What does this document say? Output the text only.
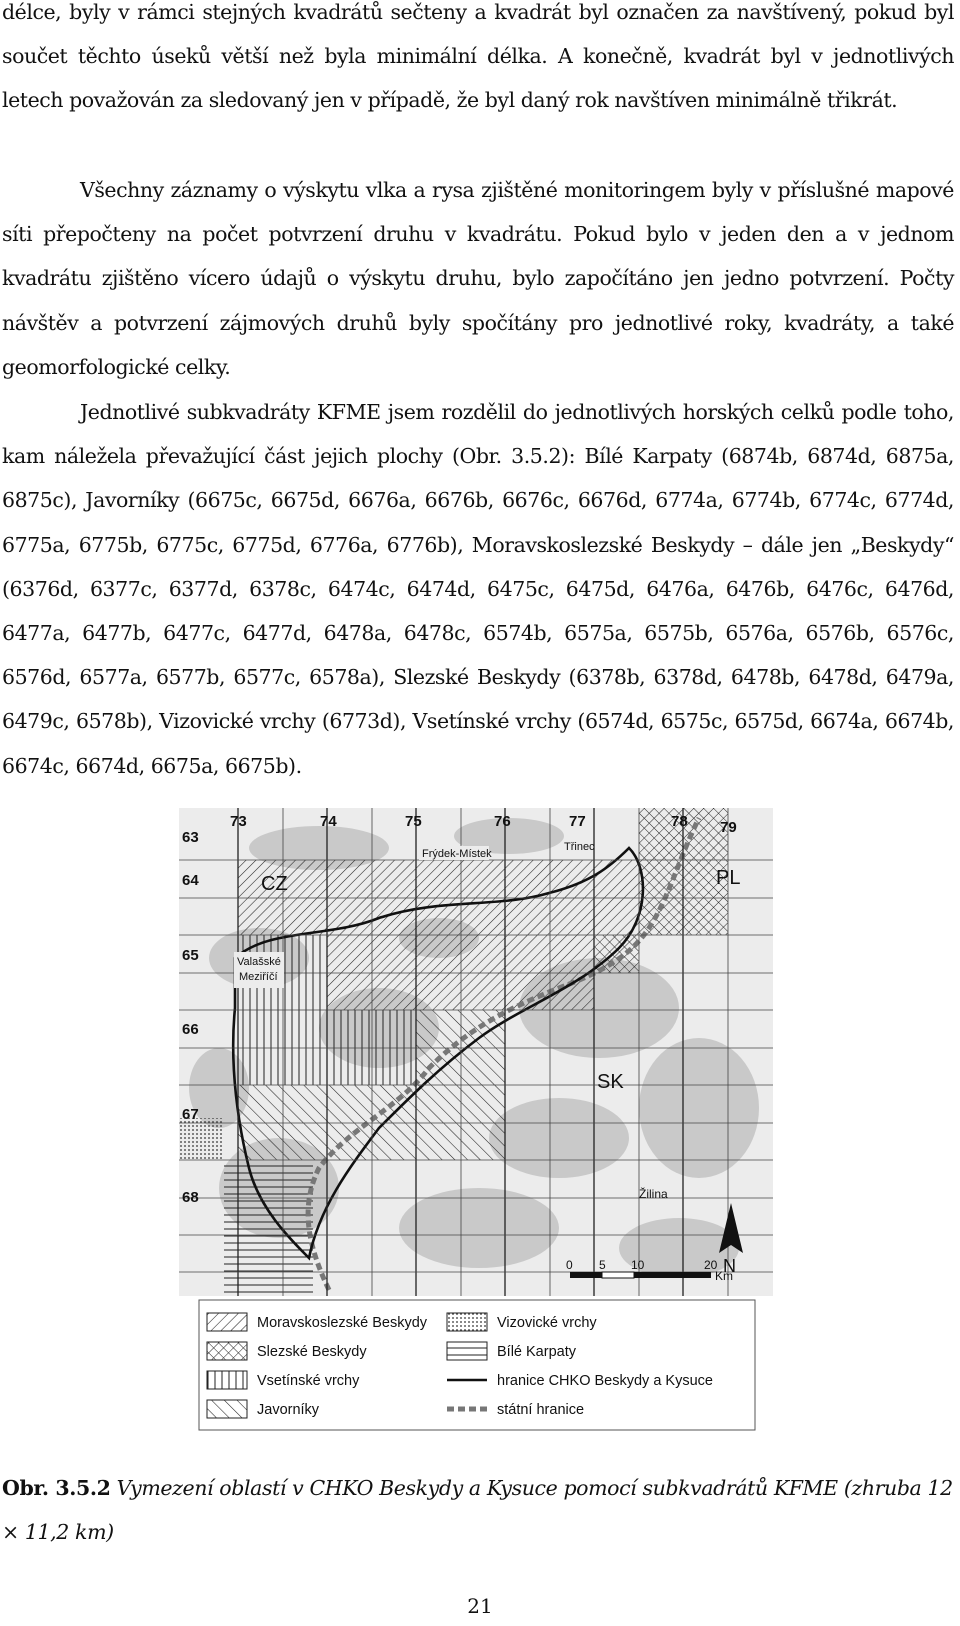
délce, byly v rámci stejných kvadrátů sečteny a kvadrát byl označen za navštívený, pokud byl součet těchto úseků větší než byla minimální délka. A konečně, kvadrát byl v jednotlivých letech považován za sledovaný jen v případě, že byl daný rok navštíven minimálně třikrát.

Všechny záznamy o výskytu vlka a rysa zjištěné monitoringem byly v příslušné mapové síti přepočteny na počet potvrzení druhu v kvadrátu. Pokud bylo v jeden den a v jednom kvadrátu zjištěno vícero údajů o výskytu druhu, bylo započítáno jen jedno potvrzení. Počty návštěv a potvrzení zájmových druhů byly spočítány pro jednotlivé roky, kvadráty, a také geomorfologické celky.

Jednotlivé subkvadráty KFME jsem rozdělil do jednotlivých horských celků podle toho, kam náležela převažující část jejich plochy (Obr. 3.5.2): Bílé Karpaty (6874b, 6874d, 6875a, 6875c), Javorníky (6675c, 6675d, 6676a, 6676b, 6676c, 6676d, 6774a, 6774b, 6774c, 6774d, 6775a, 6775b, 6775c, 6775d, 6776a, 6776b), Moravskoslezské Beskydy – dále jen „Beskydy“ (6376d, 6377c, 6377d, 6378c, 6474c, 6474d, 6475c, 6475d, 6476a, 6476b, 6476c, 6476d, 6477a, 6477b, 6477c, 6477d, 6478a, 6478c, 6574b, 6575a, 6575b, 6576a, 6576b, 6576c, 6576d, 6577a, 6577b, 6577c, 6578a), Slezské Beskydy (6378b, 6378d, 6478b, 6478d, 6479a, 6479c, 6578b), Vizovické vrchy (6773d), Vsetínské vrchy (6574d, 6575c, 6575d, 6674a, 6674b, 6674c, 6674d, 6675a, 6675b).

73	74	75	76	77	78 79
63
64
65
66
67
68
Frýdek-Místek
Třinec
Valašské
Meziříčí
Žilina
CZ	PL
SK
N
0 5 10	20
Km
Moravskoslezské Beskydy
Slezské Beskydy
Vsetínské vrchy
Javorníky
Vizovické vrchy
Bílé Karpaty
hranice CHKO Beskydy a Kysuce
státní hranice

Obr. 3.5.2 Vymezení oblastí v CHKO Beskydy a Kysuce pomocí subkvadrátů KFME (zhruba 12 × 11,2 km)

21
